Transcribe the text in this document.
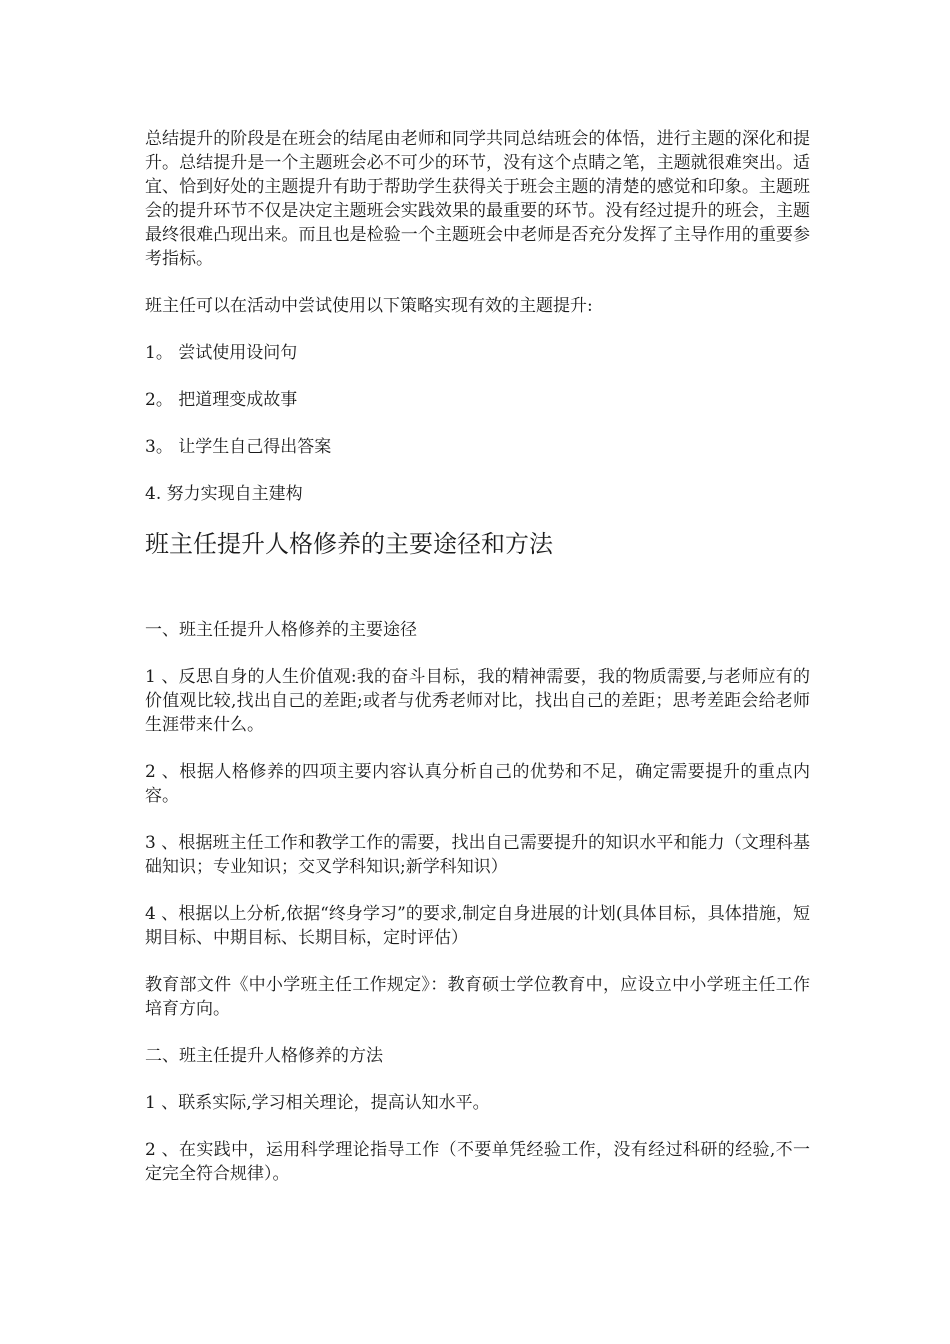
总结提升的阶段是在班会的结尾由老师和同学共同总结班会的体悟，进行主题的深化和提升。总结提升是一个主题班会必不可少的环节，没有这个点睛之笔，主题就很难突出。适宜、恰到好处的主题提升有助于帮助学生获得关于班会主题的清楚的感觉和印象。主题班会的提升环节不仅是决定主题班会实践效果的最重要的环节。没有经过提升的班会，主题最终很难凸现出来。而且也是检验一个主题班会中老师是否充分发挥了主导作用的重要参考指标。

班主任可以在活动中尝试使用以下策略实现有效的主题提升:

1。 尝试使用设问句

2。 把道理变成故事

3。 让学生自己得出答案

4. 努力实现自主建构

班主任提升人格修养的主要途径和方法

一、班主任提升人格修养的主要途径

1 、反思自身的人生价值观:我的奋斗目标，我的精神需要，我的物质需要,与老师应有的价值观比较,找出自己的差距;或者与优秀老师对比，找出自己的差距；思考差距会给老师生涯带来什么。

2 、根据人格修养的四项主要内容认真分析自己的优势和不足，确定需要提升的重点内容。

3 、根据班主任工作和教学工作的需要，找出自己需要提升的知识水平和能力（文理科基础知识；专业知识；交叉学科知识;新学科知识）

4 、根据以上分析,依据“终身学习”的要求,制定自身进展的计划(具体目标，具体措施，短期目标、中期目标、长期目标，定时评估）

教育部文件《中小学班主任工作规定》：教育硕士学位教育中，应设立中小学班主任工作培育方向。

二、班主任提升人格修养的方法

1 、联系实际,学习相关理论，提高认知水平。

2 、在实践中，运用科学理论指导工作（不要单凭经验工作，没有经过科研的经验,不一定完全符合规律）。
